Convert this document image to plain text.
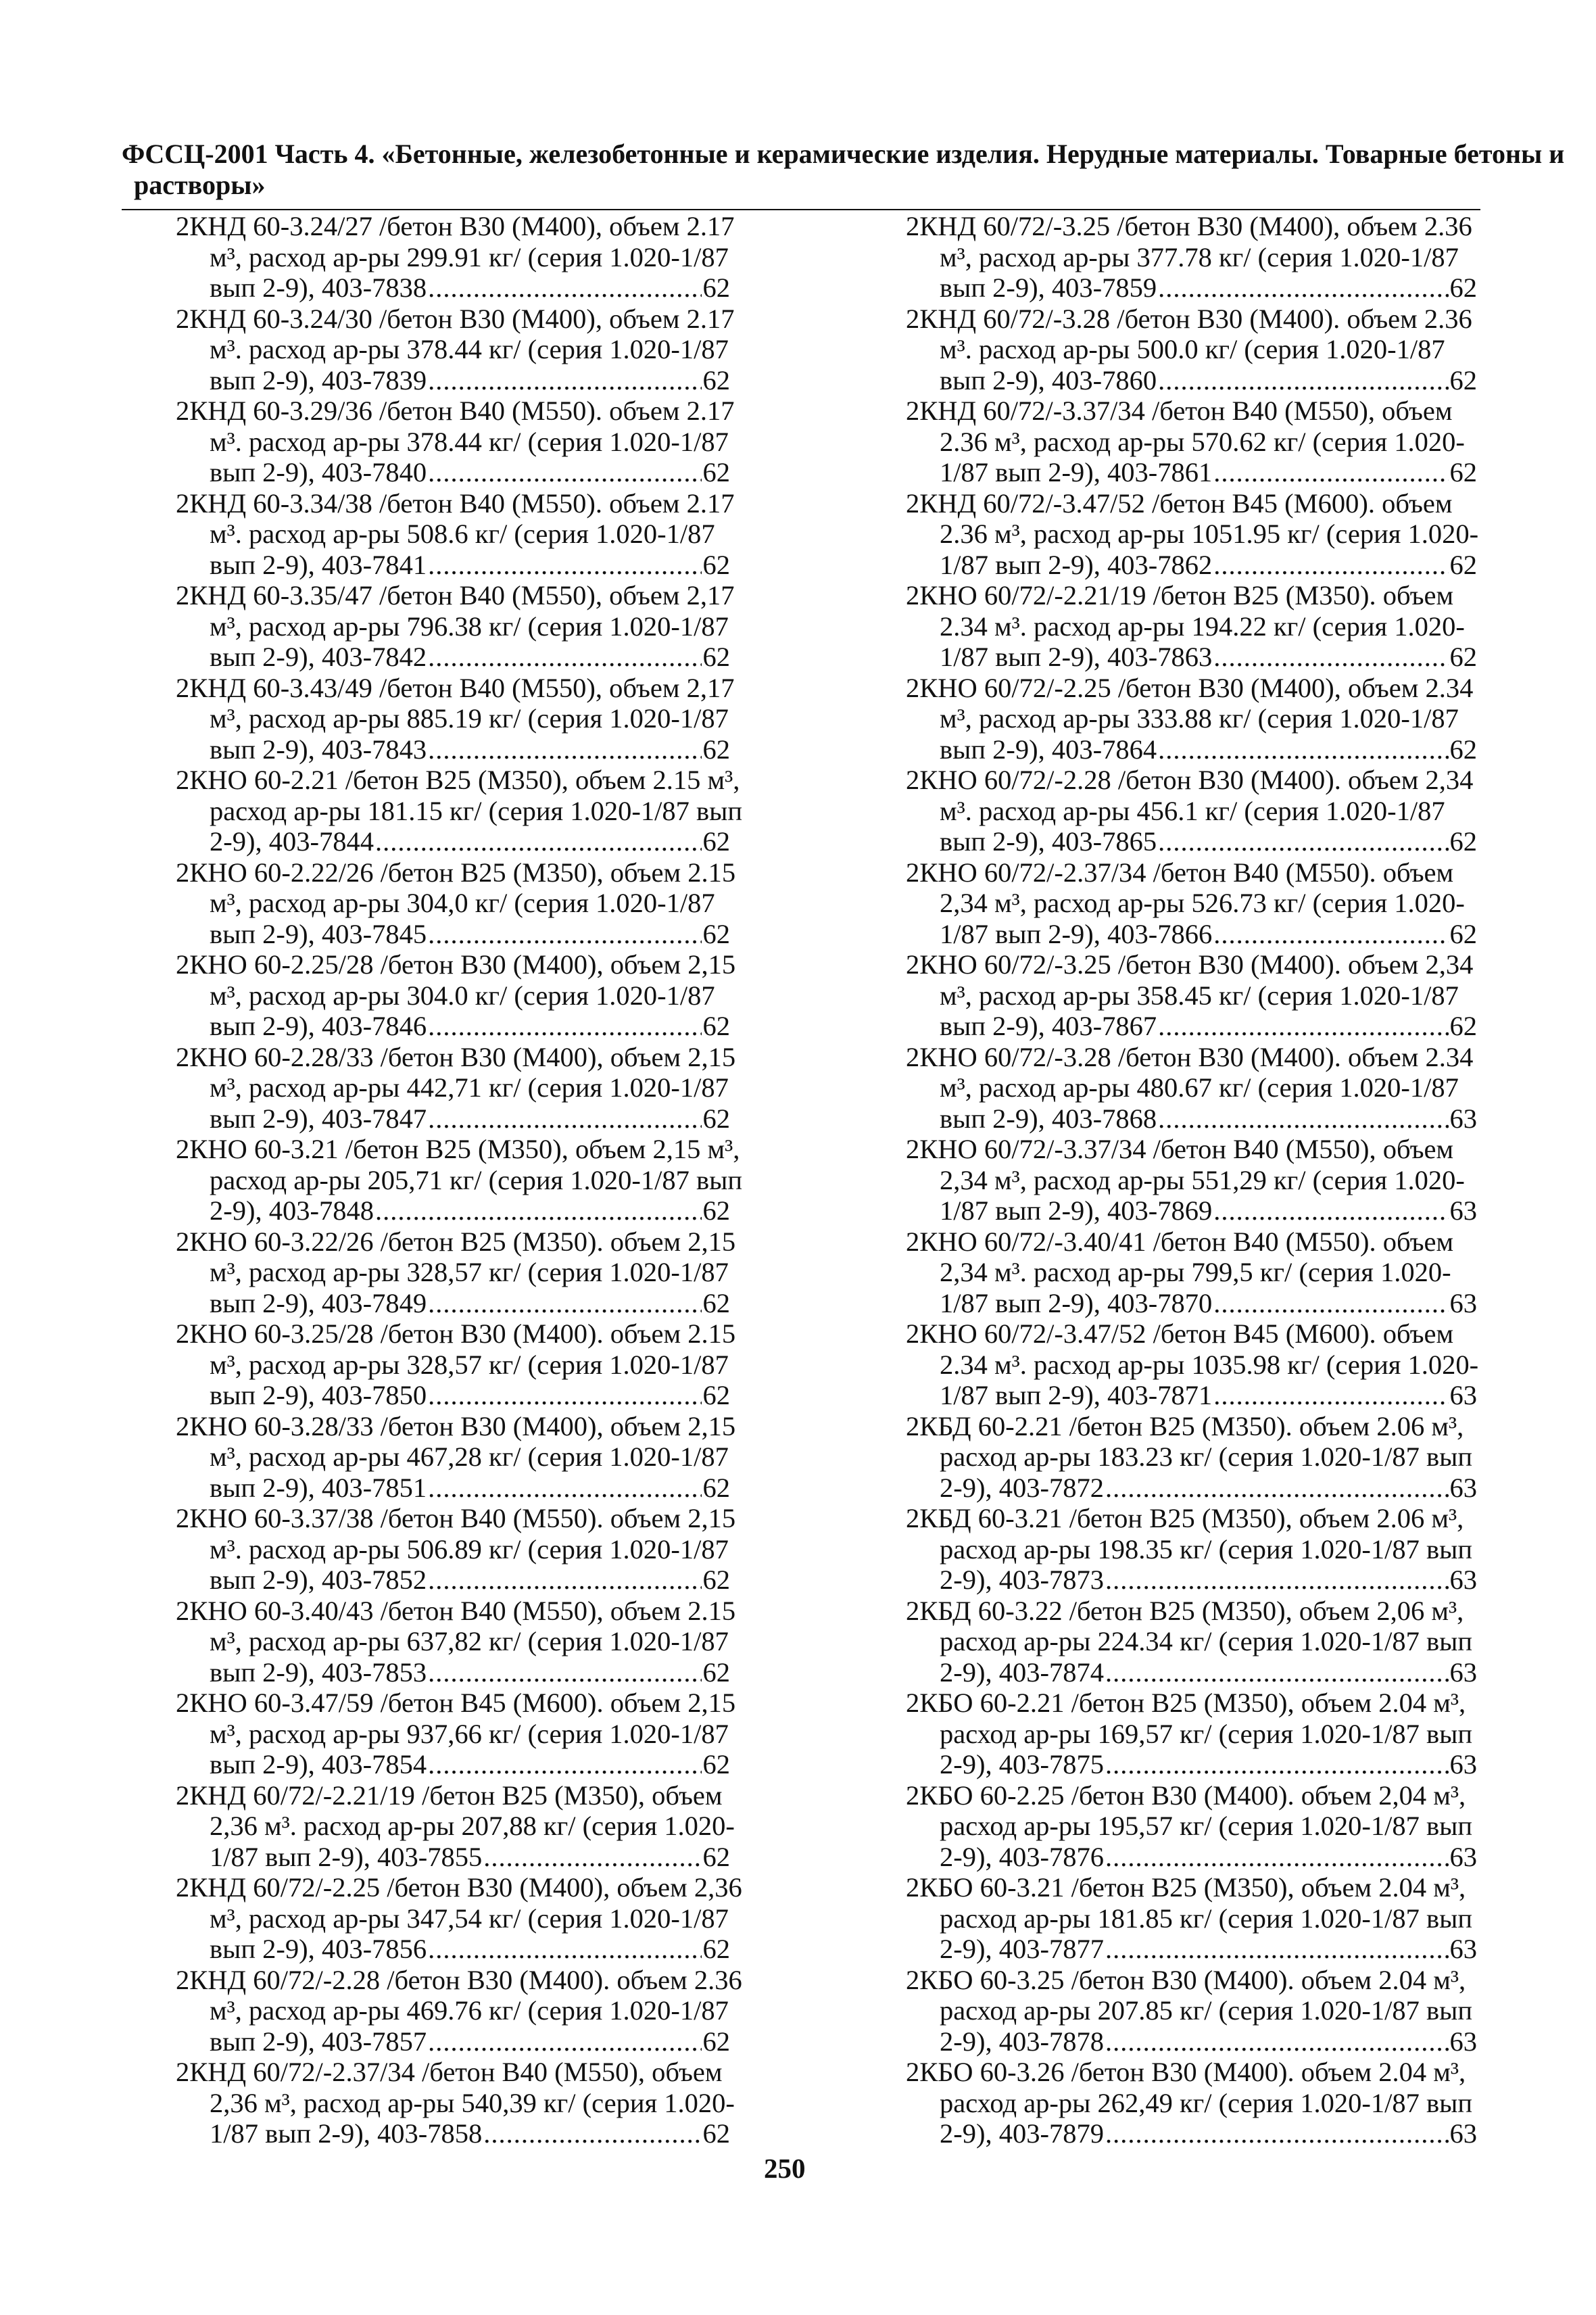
ФССЦ-2001 Часть 4. «Бетонные, железобетонные и керамические изделия. Нерудные материалы. Товарные бетоны и
растворы»
2КНД 60-3.24/27 /бетон В30 (М400), объем 2.17
м³, расход ар-ры 299.91 кг/ (серия 1.020-1/87
вып 2-9), 403-7838 .....	62
2КНД 60-3.24/30 /бетон В30 (М400), объем 2.17
м³. расход ар-ры 378.44 кг/ (серия 1.020-1/87
вып 2-9), 403-7839 .....	62
2КНД 60-3.29/36 /бетон В40 (М550). объем 2.17
м³. расход ар-ры 378.44 кг/ (серия 1.020-1/87
вып 2-9), 403-7840 .....	62
2КНД 60-3.34/38 /бетон В40 (М550). объем 2.17
м³. расход ар-ры 508.6 кг/ (серия 1.020-1/87
вып 2-9), 403-7841 .....	62
2КНД 60-3.35/47 /бетон В40 (М550), объем 2,17
м³, расход ар-ры 796.38 кг/ (серия 1.020-1/87
вып 2-9), 403-7842 .....	62
2КНД 60-3.43/49 /бетон В40 (М550), объем 2,17
м³, расход ар-ры 885.19 кг/ (серия 1.020-1/87
вып 2-9), 403-7843 .....	62
2КНО 60-2.21 /бетон В25 (М350), объем 2.15 м³,
расход ар-ры 181.15 кг/ (серия 1.020-1/87 вып
2-9), 403-7844 .....	62
2КНО 60-2.22/26 /бетон В25 (М350), объем 2.15
м³, расход ар-ры 304,0 кг/ (серия 1.020-1/87
вып 2-9), 403-7845 .....	62
2КНО 60-2.25/28 /бетон В30 (М400), объем 2,15
м³, расход ар-ры 304.0 кг/ (серия 1.020-1/87
вып 2-9), 403-7846 .....	62
2КНО 60-2.28/33 /бетон В30 (М400), объем 2,15
м³, расход ар-ры 442,71 кг/ (серия 1.020-1/87
вып 2-9), 403-7847 .....	62
2КНО 60-3.21 /бетон В25 (М350), объем 2,15 м³,
расход ар-ры 205,71 кг/ (серия 1.020-1/87 вып
2-9), 403-7848 .....	62
2КНО 60-3.22/26 /бетон В25 (М350). объем 2,15
м³, расход ар-ры 328,57 кг/ (серия 1.020-1/87
вып 2-9), 403-7849 .....	62
2КНО 60-3.25/28 /бетон В30 (М400). объем 2.15
м³, расход ар-ры 328,57 кг/ (серия 1.020-1/87
вып 2-9), 403-7850 .....	62
2КНО 60-3.28/33 /бетон В30 (М400), объем 2,15
м³, расход ар-ры 467,28 кг/ (серия 1.020-1/87
вып 2-9), 403-7851 .....	62
2КНО 60-3.37/38 /бетон В40 (М550). объем 2,15
м³. расход ар-ры 506.89 кг/ (серия 1.020-1/87
вып 2-9), 403-7852 .....	62
2КНО 60-3.40/43 /бетон В40 (М550), объем 2.15
м³, расход ар-ры 637,82 кг/ (серия 1.020-1/87
вып 2-9), 403-7853 .....	62
2КНО 60-3.47/59 /бетон В45 (М600). объем 2,15
м³, расход ар-ры 937,66 кг/ (серия 1.020-1/87
вып 2-9), 403-7854 .....	62
2КНД 60/72/-2.21/19 /бетон В25 (М350), объем
2,36 м³. расход ар-ры 207,88 кг/ (серия 1.020-
1/87 вып 2-9), 403-7855 .....	62
2КНД 60/72/-2.25 /бетон В30 (М400), объем 2,36
м³, расход ар-ры 347,54 кг/ (серия 1.020-1/87
вып 2-9), 403-7856 .....	62
2КНД 60/72/-2.28 /бетон В30 (М400). объем 2.36
м³, расход ар-ры 469.76 кг/ (серия 1.020-1/87
вып 2-9), 403-7857 .....	62
2КНД 60/72/-2.37/34 /бетон В40 (М550), объем
2,36 м³, расход ар-ры 540,39 кг/ (серия 1.020-
1/87 вып 2-9), 403-7858 .....	62
2КНД 60/72/-3.25 /бетон В30 (М400), объем 2.36
м³, расход ар-ры 377.78 кг/ (серия 1.020-1/87
вып 2-9), 403-7859 .....	62
2КНД 60/72/-3.28 /бетон В30 (М400). объем 2.36
м³. расход ар-ры 500.0 кг/ (серия 1.020-1/87
вып 2-9), 403-7860 .....	62
2КНД 60/72/-3.37/34 /бетон В40 (М550), объем
2.36 м³, расход ар-ры 570.62 кг/ (серия 1.020-
1/87 вып 2-9), 403-7861 .....	62
2КНД 60/72/-3.47/52 /бетон В45 (М600). объем
2.36 м³, расход ар-ры 1051.95 кг/ (серия 1.020-
1/87 вып 2-9), 403-7862 .....	62
2КНО 60/72/-2.21/19 /бетон В25 (М350). объем
2.34 м³. расход ар-ры 194.22 кг/ (серия 1.020-
1/87 вып 2-9), 403-7863 .....	62
2КНО 60/72/-2.25 /бетон В30 (М400), объем 2.34
м³, расход ар-ры 333.88 кг/ (серия 1.020-1/87
вып 2-9), 403-7864 .....	62
2КНО 60/72/-2.28 /бетон В30 (М400). объем 2,34
м³. расход ар-ры 456.1 кг/ (серия 1.020-1/87
вып 2-9), 403-7865 .....	62
2КНО 60/72/-2.37/34 /бетон В40 (М550). объем
2,34 м³, расход ар-ры 526.73 кг/ (серия 1.020-
1/87 вып 2-9), 403-7866 .....	62
2КНО 60/72/-3.25 /бетон В30 (М400). объем 2,34
м³, расход ар-ры 358.45 кг/ (серия 1.020-1/87
вып 2-9), 403-7867 .....	62
2КНО 60/72/-3.28 /бетон В30 (М400). объем 2.34
м³, расход ар-ры 480.67 кг/ (серия 1.020-1/87
вып 2-9), 403-7868 .....	63
2КНО 60/72/-3.37/34 /бетон В40 (М550), объем
2,34 м³, расход ар-ры 551,29 кг/ (серия 1.020-
1/87 вып 2-9), 403-7869 .....	63
2КНО 60/72/-3.40/41 /бетон В40 (М550). объем
2,34 м³. расход ар-ры 799,5 кг/ (серия 1.020-
1/87 вып 2-9), 403-7870 .....	63
2КНО 60/72/-3.47/52 /бетон В45 (М600). объем
2.34 м³. расход ар-ры 1035.98 кг/ (серия 1.020-
1/87 вып 2-9), 403-7871 .....	63
2КБД 60-2.21 /бетон В25 (М350). объем 2.06 м³,
расход ар-ры 183.23 кг/ (серия 1.020-1/87 вып
2-9), 403-7872 .....	63
2КБД 60-3.21 /бетон В25 (М350), объем 2.06 м³,
расход ар-ры 198.35 кг/ (серия 1.020-1/87 вып
2-9), 403-7873 .....	63
2КБД 60-3.22 /бетон В25 (М350), объем 2,06 м³,
расход ар-ры 224.34 кг/ (серия 1.020-1/87 вып
2-9), 403-7874 .....	63
2КБО 60-2.21 /бетон В25 (М350), объем 2.04 м³,
расход ар-ры 169,57 кг/ (серия 1.020-1/87 вып
2-9), 403-7875 .....	63
2КБО 60-2.25 /бетон В30 (М400). объем 2,04 м³,
расход ар-ры 195,57 кг/ (серия 1.020-1/87 вып
2-9), 403-7876 .....	63
2КБО 60-3.21 /бетон В25 (М350), объем 2.04 м³,
расход ар-ры 181.85 кг/ (серия 1.020-1/87 вып
2-9), 403-7877 .....	63
2КБО 60-3.25 /бетон В30 (М400). объем 2.04 м³,
расход ар-ры 207.85 кг/ (серия 1.020-1/87 вып
2-9), 403-7878 .....	63
2КБО 60-3.26 /бетон В30 (М400). объем 2.04 м³,
расход ар-ры 262,49 кг/ (серия 1.020-1/87 вып
2-9), 403-7879 .....	63
250
